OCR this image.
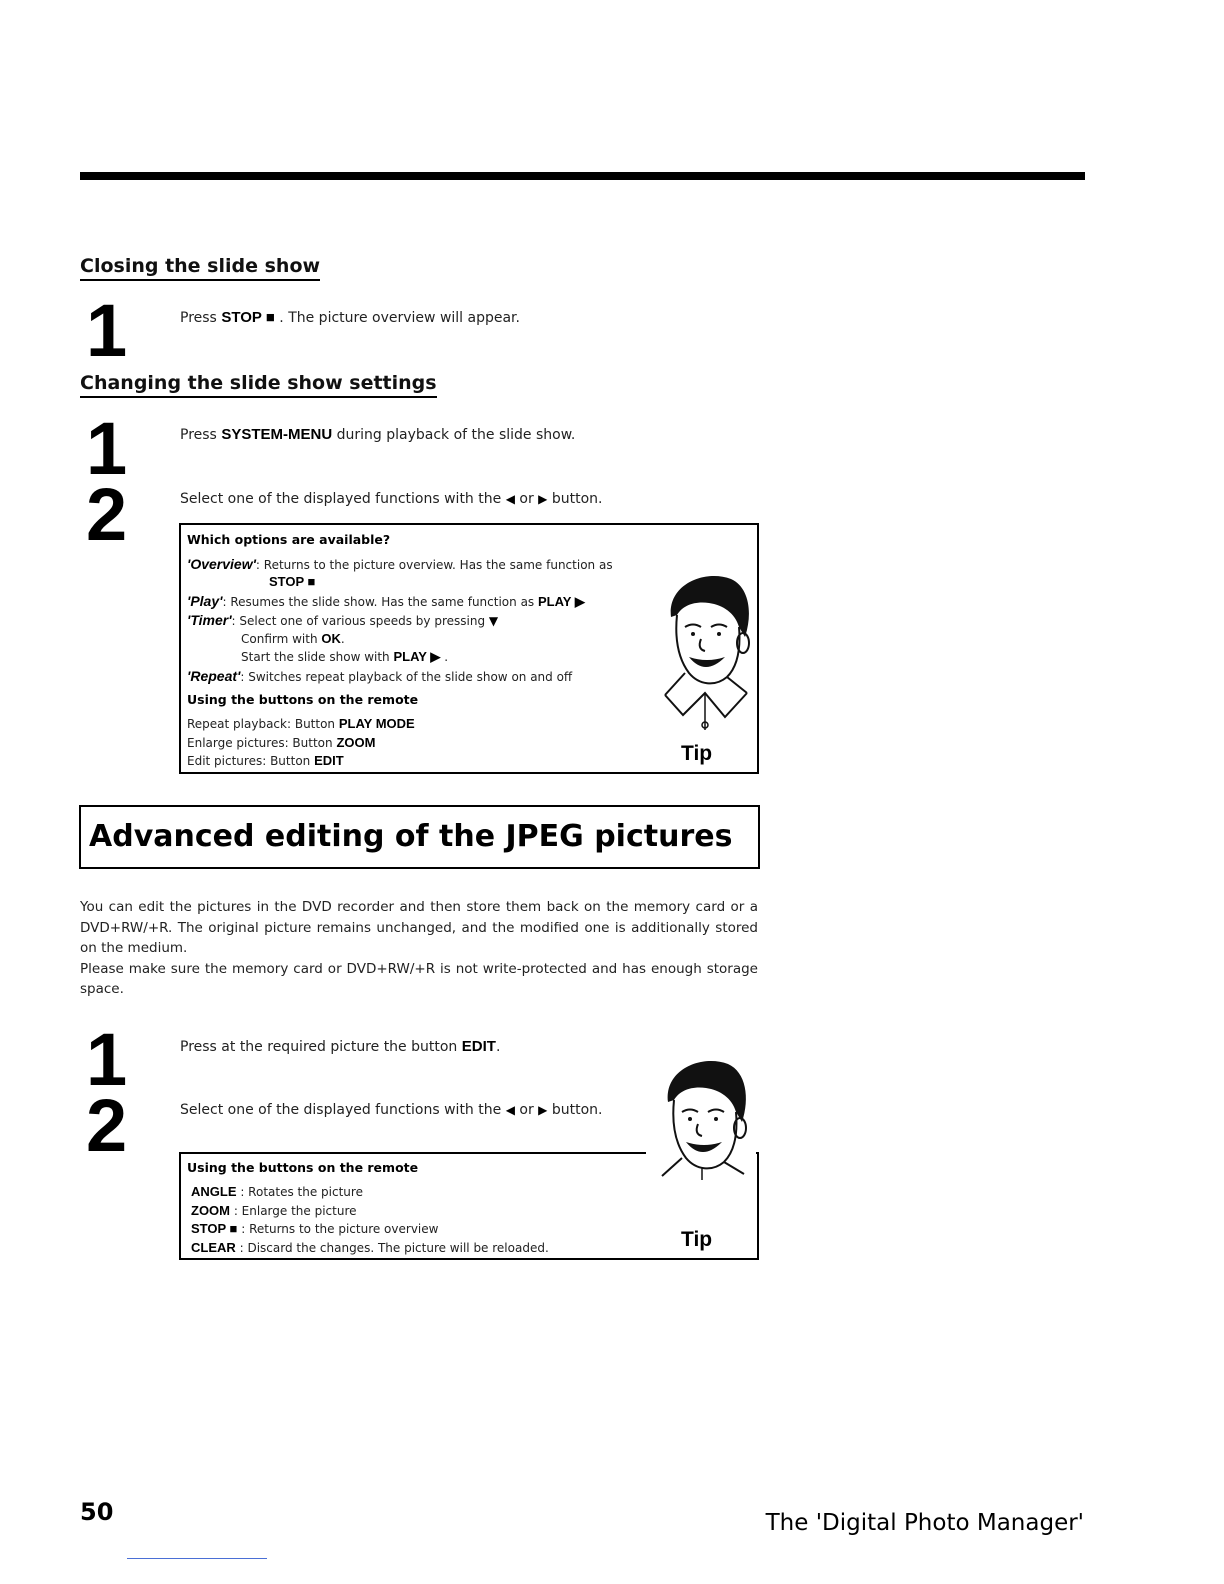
Closing the slide show
1	Press STOP ■ . The picture overview will appear.
Changing the slide show settings
1	Press SYSTEM-MENU during playback of the slide show.
2	Select one of the displayed functions with the ◀ or ▶ button.
Which options are available?
'Overview': Returns to the picture overview. Has the same function as
STOP ■
'Play': Resumes the slide show. Has the same function as PLAY ▶
'Timer': Select one of various speeds by pressing ▼
Confirm with OK.
Start the slide show with PLAY ▶ .
'Repeat': Switches repeat playback of the slide show on and off
Using the buttons on the remote
Repeat playback: Button PLAY MODE
Enlarge pictures: Button ZOOM
Edit pictures: Button EDIT	Tip
Advanced editing of the JPEG pictures

You can edit the pictures in the DVD recorder and then store them back on the memory card or a DVD+RW/+R. The original picture remains unchanged, and the modified one is additionally stored on the medium.

Please make sure the memory card or DVD+RW/+R is not write-protected and has enough storage space.

1	Press at the required picture the button EDIT.
2	Select one of the displayed functions with the ◀ or ▶ button.
Using the buttons on the remote
ANGLE : Rotates the picture
ZOOM : Enlarge the picture
STOP ■ : Returns to the picture overview
CLEAR : Discard the changes. The picture will be reloaded.	Tip
50	The 'Digital Photo Manager'
